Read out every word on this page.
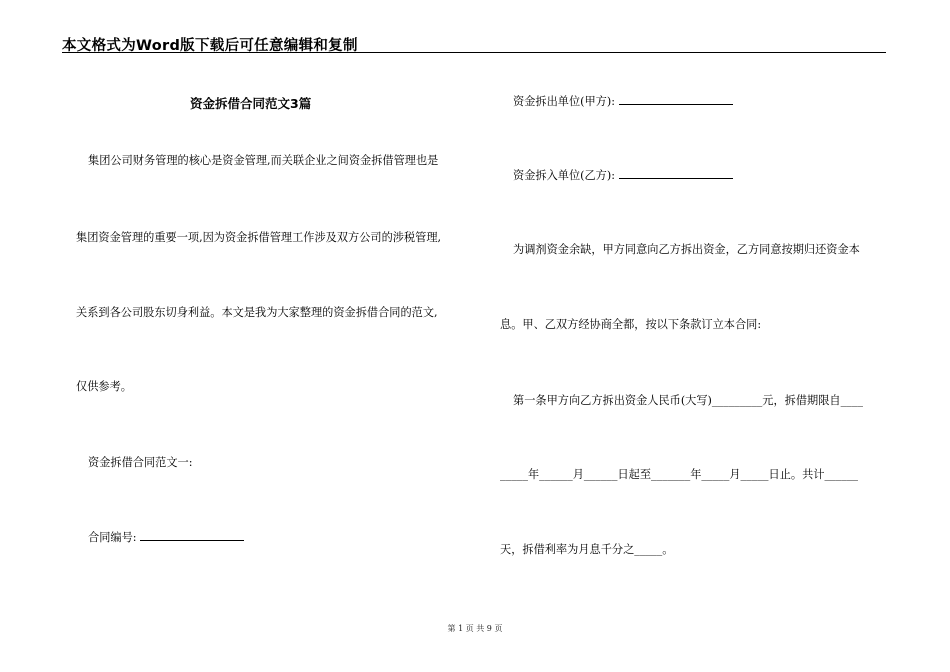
本文格式为Word版下载后可任意编辑和复制
资金拆借合同范文3篇
集团公司财务管理的核心是资金管理,而关联企业之间资金拆借管理也是
集团资金管理的重要一项,因为资金拆借管理工作涉及双方公司的涉税管理,
关系到各公司股东切身利益。本文是我为大家整理的资金拆借合同的范文,
仅供参考。
资金拆借合同范文一:
合同编号:
资金拆出单位(甲方):
资金拆入单位(乙方):
为调剂资金余缺，甲方同意向乙方拆出资金，乙方同意按期归还资金本
息。甲、乙双方经协商全都，按以下条款订立本合同:
第一条甲方向乙方拆出资金人民币(大写)_________元，拆借期限自____
_____年______月______日起至_______年_____月_____日止。共计______
天，拆借利率为月息千分之_____。
第 1 页 共 9 页
